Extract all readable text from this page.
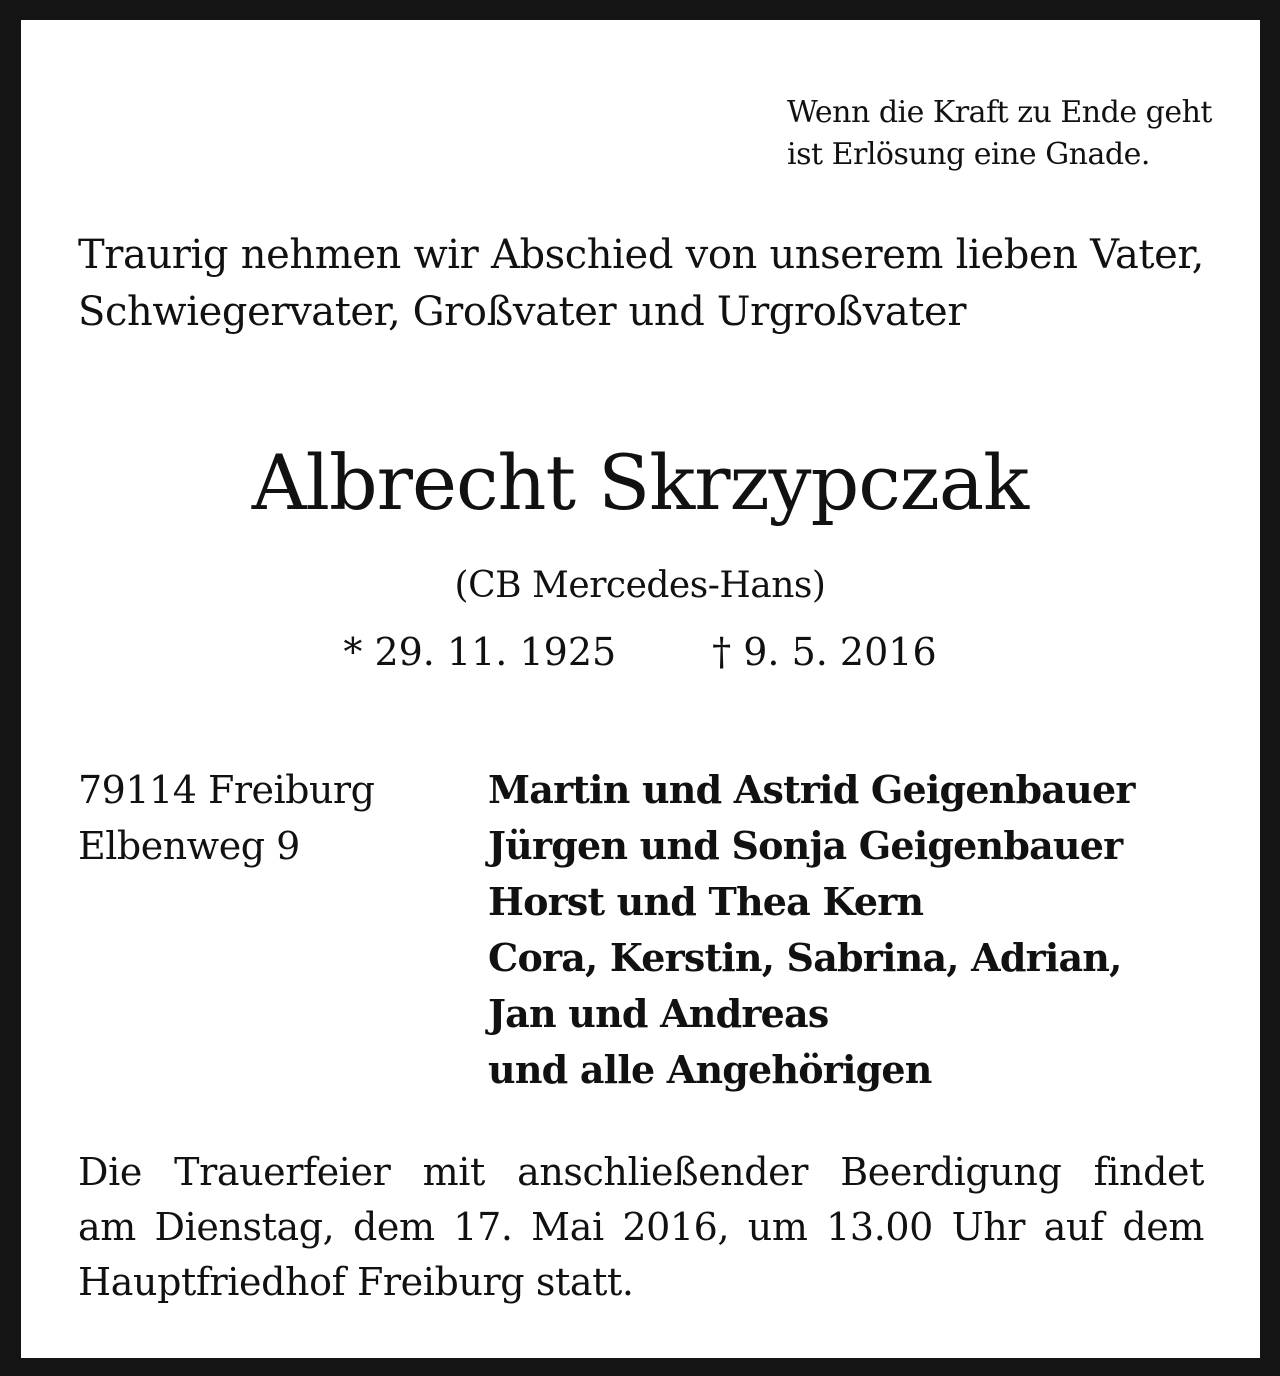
Wenn die Kraft zu Ende geht
ist Erlösung eine Gnade.
Traurig nehmen wir Abschied von unserem lieben Vater,
Schwiegervater, Großvater und Urgroßvater
Albrecht Skrzypczak
(CB Mercedes-Hans)
* 29. 11. 1925	† 9. 5. 2016
79114 Freiburg
Elbenweg 9
Martin und Astrid Geigenbauer
Jürgen und Sonja Geigenbauer
Horst und Thea Kern
Cora, Kerstin, Sabrina, Adrian,
Jan und Andreas
und alle Angehörigen
Die Trauerfeier mit anschließender Beerdigung findet
am Dienstag, dem 17. Mai 2016, um 13.00 Uhr auf dem
Hauptfriedhof Freiburg statt.
